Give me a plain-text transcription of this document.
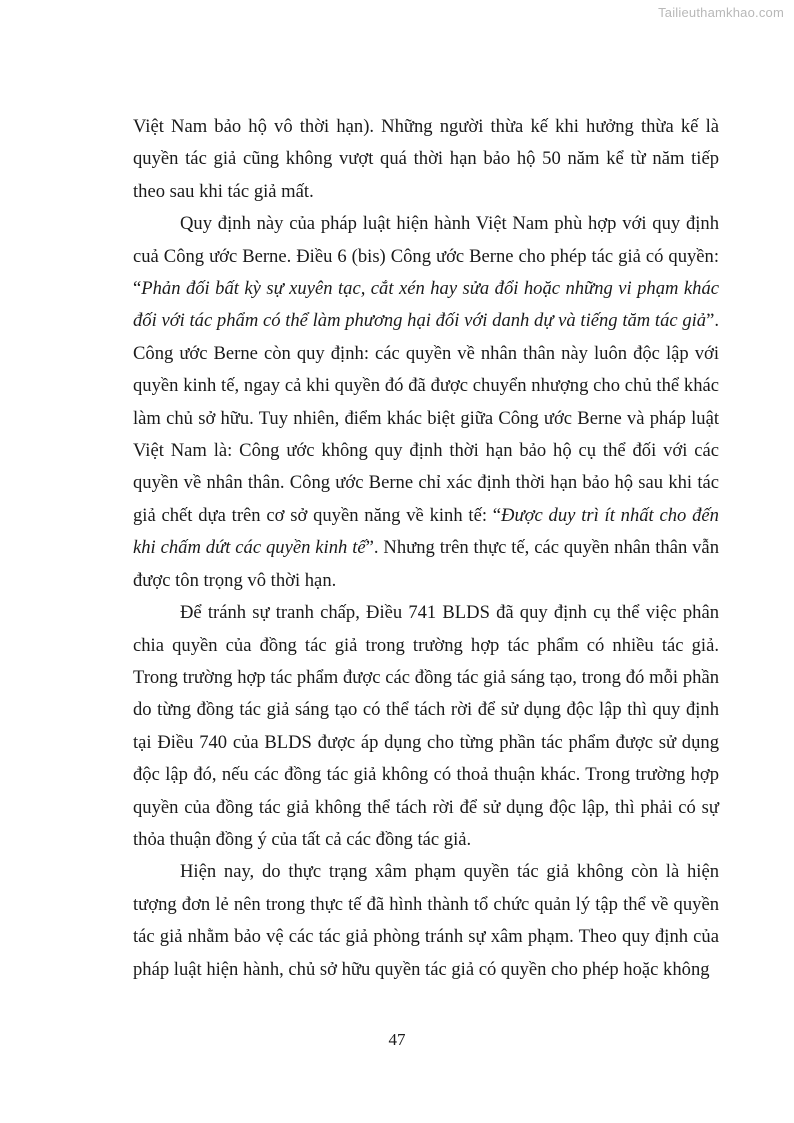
Tailieuthamkhao.com

Việt Nam bảo hộ vô thời hạn). Những người thừa kế khi hưởng thừa kế là quyền tác giả cũng không vượt quá thời hạn bảo hộ 50 năm kể từ năm tiếp theo sau khi tác giả mất.

Quy định này của pháp luật hiện hành Việt Nam phù hợp với quy định cuả Công ước Berne. Điều 6 (bis) Công ước Berne cho phép tác giả có quyền: “Phản đối bất kỳ sự xuyên tạc, cắt xén hay sửa đổi hoặc những vi phạm khác đối với tác phẩm có thể làm phương hại đối với danh dự và tiếng tăm tác giả”. Công ước Berne còn quy định: các quyền về nhân thân này luôn độc lập với quyền kinh tế, ngay cả khi quyền đó đã được chuyển nhượng cho chủ thể khác làm chủ sở hữu. Tuy nhiên, điểm khác biệt giữa Công ước Berne và pháp luật Việt Nam là: Công ước không quy định thời hạn bảo hộ cụ thể đối với các quyền về nhân thân. Công ước Berne chỉ xác định thời hạn bảo hộ sau khi tác giả chết dựa trên cơ sở quyền năng về kinh tế: “Được duy trì ít nhất cho đến khi chấm dứt các quyền kinh tế”. Nhưng trên thực tế, các quyền nhân thân vẫn được tôn trọng vô thời hạn.

Để tránh sự tranh chấp, Điều 741 BLDS đã quy định cụ thể việc phân chia quyền của đồng tác giả trong trường hợp tác phẩm có nhiều tác giả. Trong trường hợp tác phẩm được các đồng tác giả sáng tạo, trong đó mỗi phần do từng đồng tác giả sáng tạo có thể tách rời để sử dụng độc lập thì quy định tại Điều 740 của BLDS được áp dụng cho từng phần tác phẩm được sử dụng độc lập đó, nếu các đồng tác giả không có thoả thuận khác. Trong trường hợp quyền của đồng tác giả không thể tách rời để sử dụng độc lập, thì phải có sự thỏa thuận đồng ý của tất cả các đồng tác giả.

Hiện nay, do thực trạng xâm phạm quyền tác giả không còn là hiện tượng đơn lẻ nên trong thực tế đã hình thành tổ chức quản lý tập thể về quyền tác giả nhằm bảo vệ các tác giả phòng tránh sự xâm phạm. Theo quy định của pháp luật hiện hành, chủ sở hữu quyền tác giả có quyền cho phép hoặc không

47
